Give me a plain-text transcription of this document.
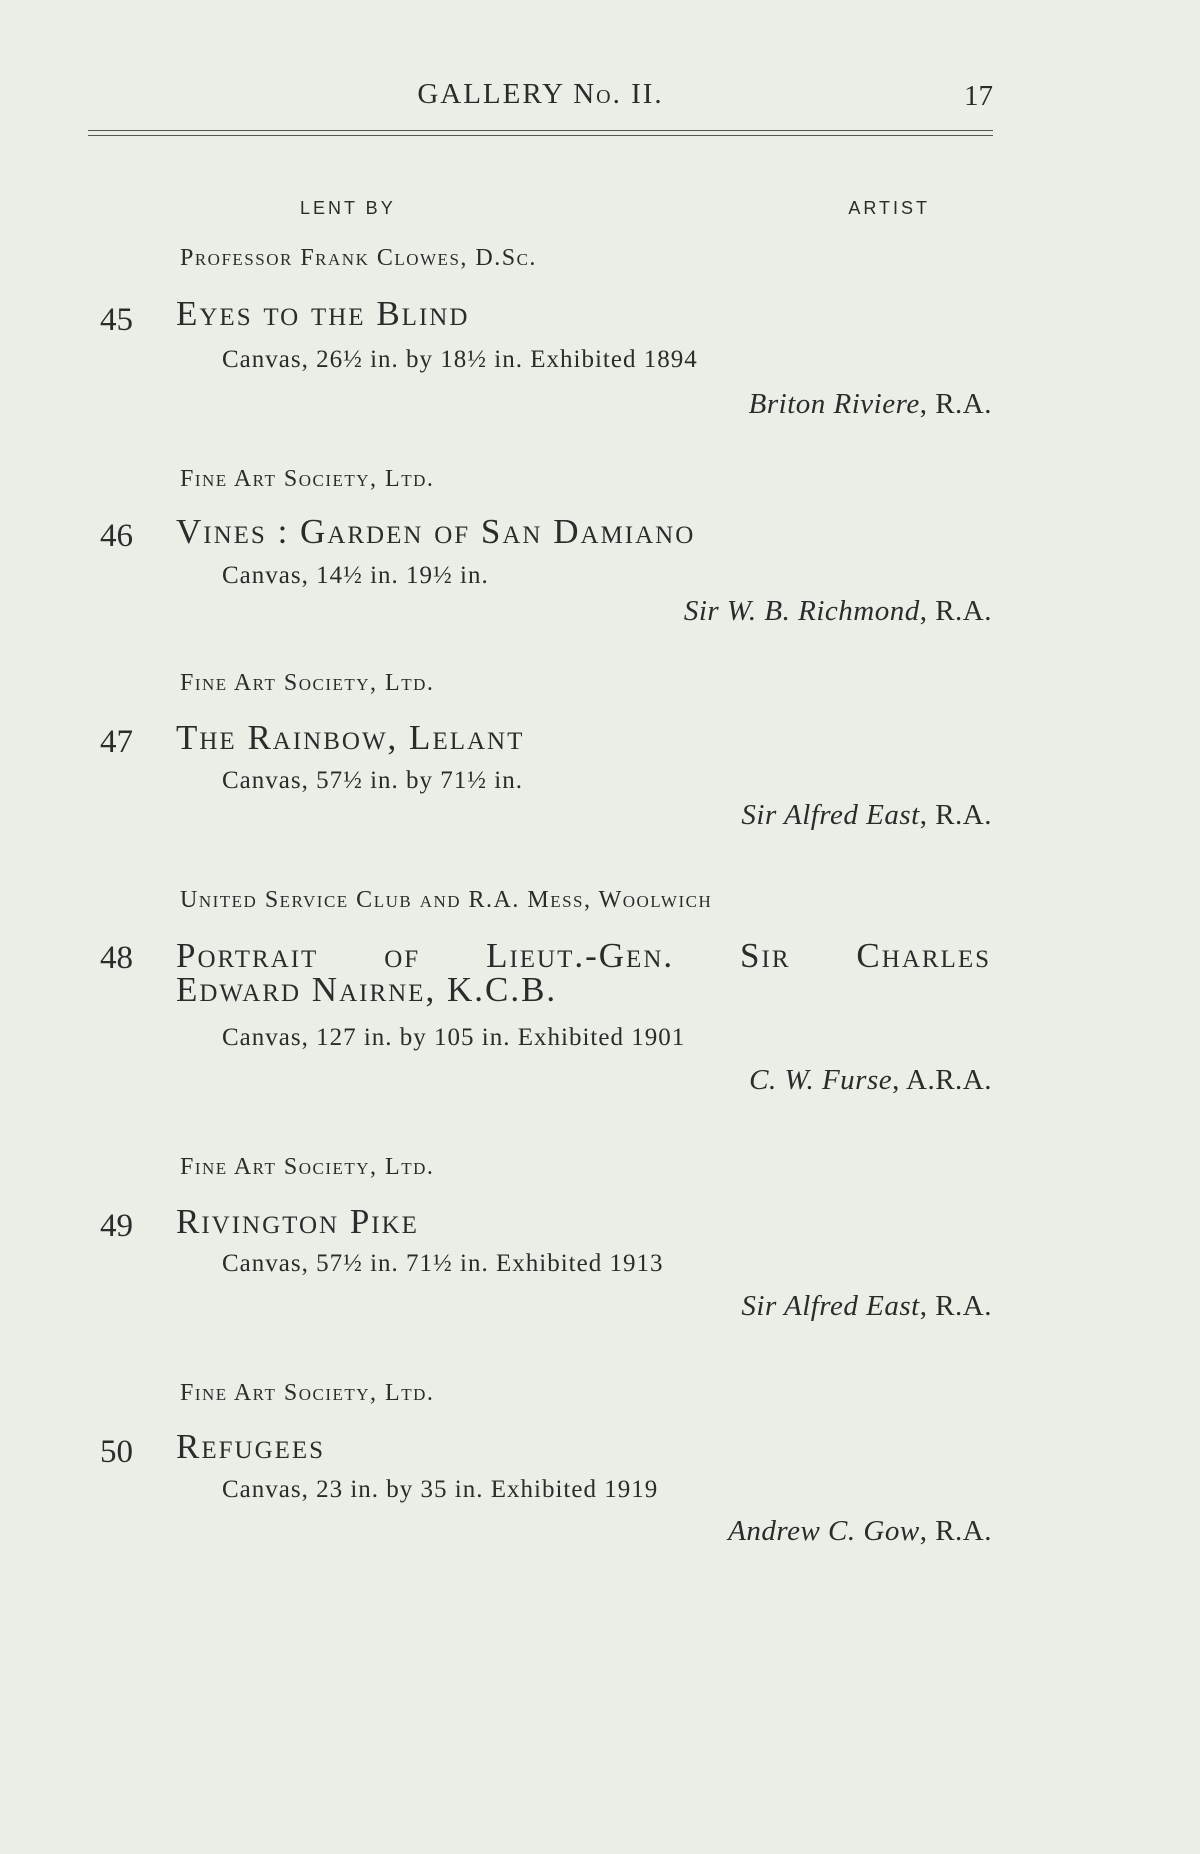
GALLERY No. II.	17
LENT BY	ARTIST
Professor Frank Clowes, D.Sc.
45 Eyes to the Blind
Canvas, 26½ in. by 18½ in. Exhibited 1894
Briton Riviere, R.A.
Fine Art Society, Ltd.
46 Vines : Garden of San Damiano
Canvas, 14½ in. 19½ in.
Sir W. B. Richmond, R.A.
Fine Art Society, Ltd.
47 The Rainbow, Lelant
Canvas, 57½ in. by 71½ in.
Sir Alfred East, R.A.
United Service Club and R.A. Mess, Woolwich
48 Portrait of Lieut.-Gen. Sir Charles
Edward Nairne, K.C.B.
Canvas, 127 in. by 105 in. Exhibited 1901
C. W. Furse, A.R.A.
Fine Art Society, Ltd.
49 Rivington Pike
Canvas, 57½ in. 71½ in. Exhibited 1913
Sir Alfred East, R.A.
Fine Art Society, Ltd.
50 Refugees
Canvas, 23 in. by 35 in. Exhibited 1919
Andrew C. Gow, R.A.
